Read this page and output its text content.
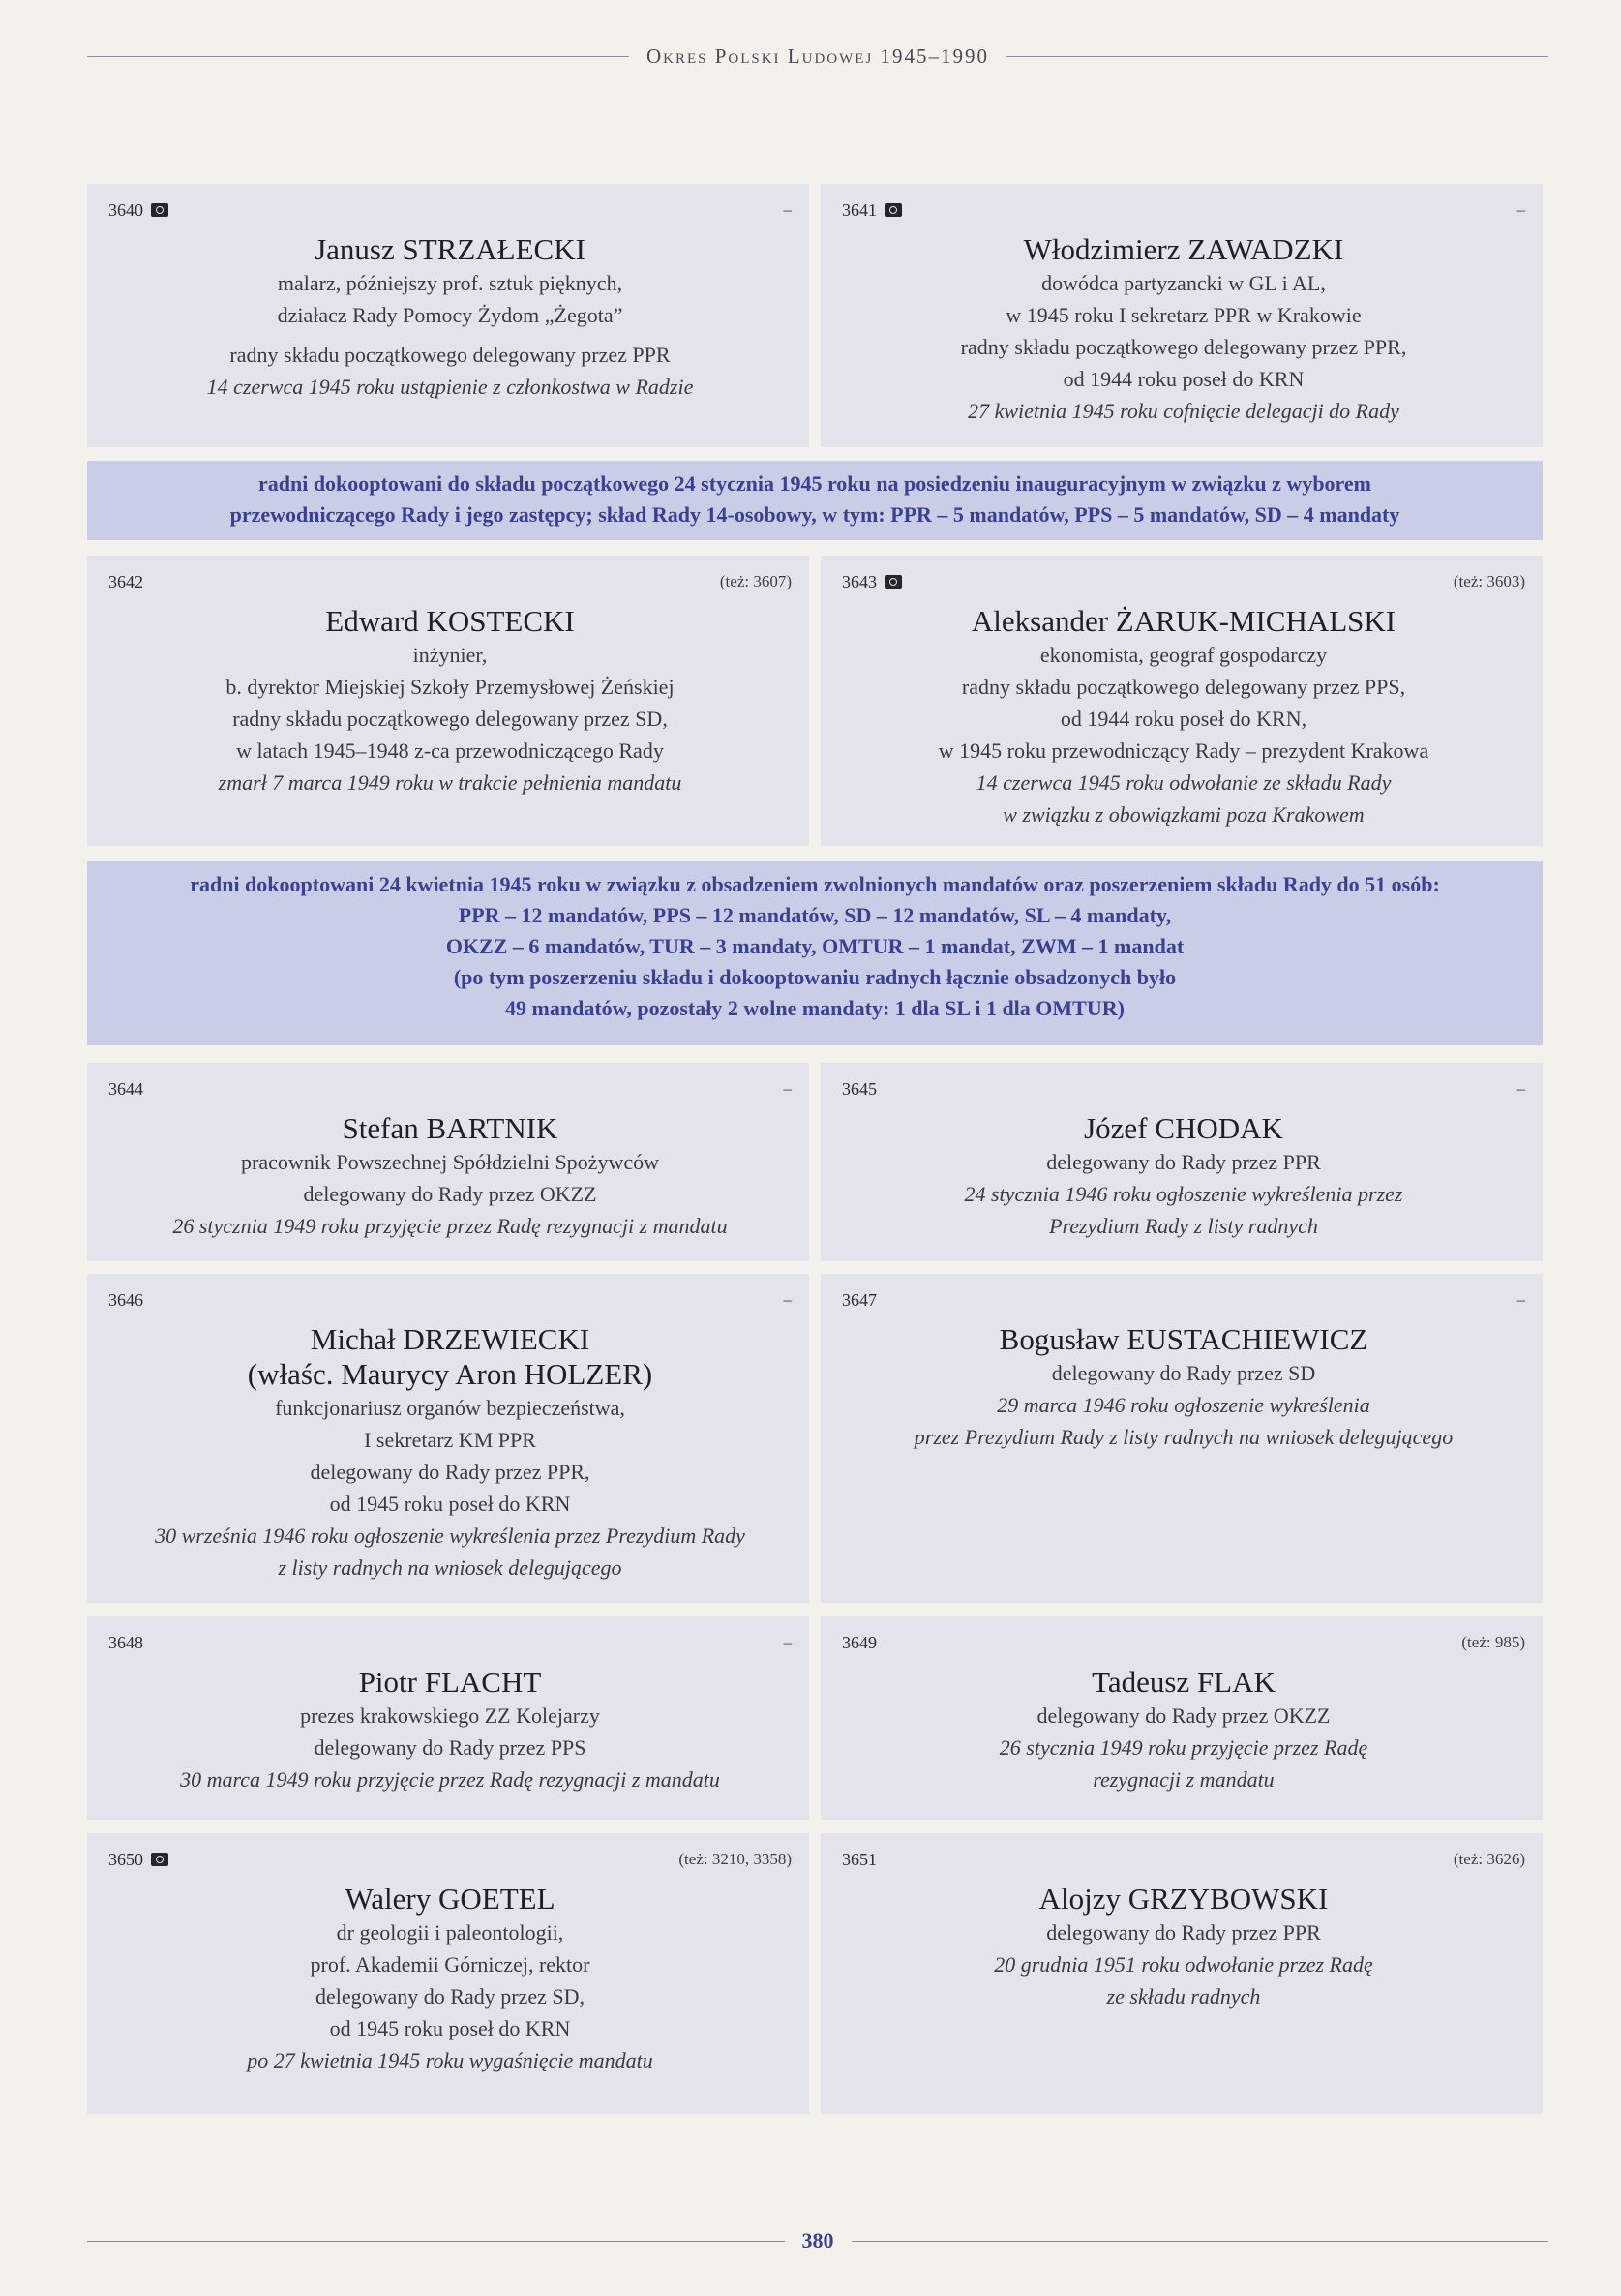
Okres Polski Ludowej 1945–1990
3640	–
Janusz STRZAŁECKI
malarz, późniejszy prof. sztuk pięknych,
działacz Rady Pomocy Żydom „Żegota”
radny składu początkowego delegowany przez PPR
14 czerwca 1945 roku ustąpienie z członkostwa w Radzie
3641	–
Włodzimierz ZAWADZKI
dowódca partyzancki w GL i AL,
w 1945 roku I sekretarz PPR w Krakowie
radny składu początkowego delegowany przez PPR,
od 1944 roku poseł do KRN
27 kwietnia 1945 roku cofnięcie delegacji do Rady
radni dokooptowani do składu początkowego 24 stycznia 1945 roku na posiedzeniu inauguracyjnym w związku z wyborem
przewodniczącego Rady i jego zastępcy; skład Rady 14-osobowy, w tym: PPR – 5 mandatów, PPS – 5 mandatów, SD – 4 mandaty
3642	(też: 3607)
Edward KOSTECKI
inżynier,
b. dyrektor Miejskiej Szkoły Przemysłowej Żeńskiej
radny składu początkowego delegowany przez SD,
w latach 1945–1948 z-ca przewodniczącego Rady
zmarł 7 marca 1949 roku w trakcie pełnienia mandatu
3643	(też: 3603)
Aleksander ŻARUK-MICHALSKI
ekonomista, geograf gospodarczy
radny składu początkowego delegowany przez PPS,
od 1944 roku poseł do KRN,
w 1945 roku przewodniczący Rady – prezydent Krakowa
14 czerwca 1945 roku odwołanie ze składu Rady
w związku z obowiązkami poza Krakowem
radni dokooptowani 24 kwietnia 1945 roku w związku z obsadzeniem zwolnionych mandatów oraz poszerzeniem składu Rady do 51 osób:
PPR – 12 mandatów, PPS – 12 mandatów, SD – 12 mandatów, SL – 4 mandaty,
OKZZ – 6 mandatów, TUR – 3 mandaty, OMTUR – 1 mandat, ZWM – 1 mandat
(po tym poszerzeniu składu i dokooptowaniu radnych łącznie obsadzonych było
49 mandatów, pozostały 2 wolne mandaty: 1 dla SL i 1 dla OMTUR)
3644	–
Stefan BARTNIK
pracownik Powszechnej Spółdzielni Spożywców
delegowany do Rady przez OKZZ
26 stycznia 1949 roku przyjęcie przez Radę rezygnacji z mandatu
3645	–
Józef CHODAK
delegowany do Rady przez PPR
24 stycznia 1946 roku ogłoszenie wykreślenia przez
Prezydium Rady z listy radnych
3646	–
Michał DRZEWIECKI
(właśc. Maurycy Aron HOLZER)
funkcjonariusz organów bezpieczeństwa,
I sekretarz KM PPR
delegowany do Rady przez PPR,
od 1945 roku poseł do KRN
30 września 1946 roku ogłoszenie wykreślenia przez Prezydium Rady
z listy radnych na wniosek delegującego
3647	–
Bogusław EUSTACHIEWICZ
delegowany do Rady przez SD
29 marca 1946 roku ogłoszenie wykreślenia
przez Prezydium Rady z listy radnych na wniosek delegującego
3648	–
Piotr FLACHT
prezes krakowskiego ZZ Kolejarzy
delegowany do Rady przez PPS
30 marca 1949 roku przyjęcie przez Radę rezygnacji z mandatu
3649	(też: 985)
Tadeusz FLAK
delegowany do Rady przez OKZZ
26 stycznia 1949 roku przyjęcie przez Radę
rezygnacji z mandatu
3650	(też: 3210, 3358)
Walery GOETEL
dr geologii i paleontologii,
prof. Akademii Górniczej, rektor
delegowany do Rady przez SD,
od 1945 roku poseł do KRN
po 27 kwietnia 1945 roku wygaśnięcie mandatu
3651	(też: 3626)
Alojzy GRZYBOWSKI
delegowany do Rady przez PPR
20 grudnia 1951 roku odwołanie przez Radę
ze składu radnych
380
